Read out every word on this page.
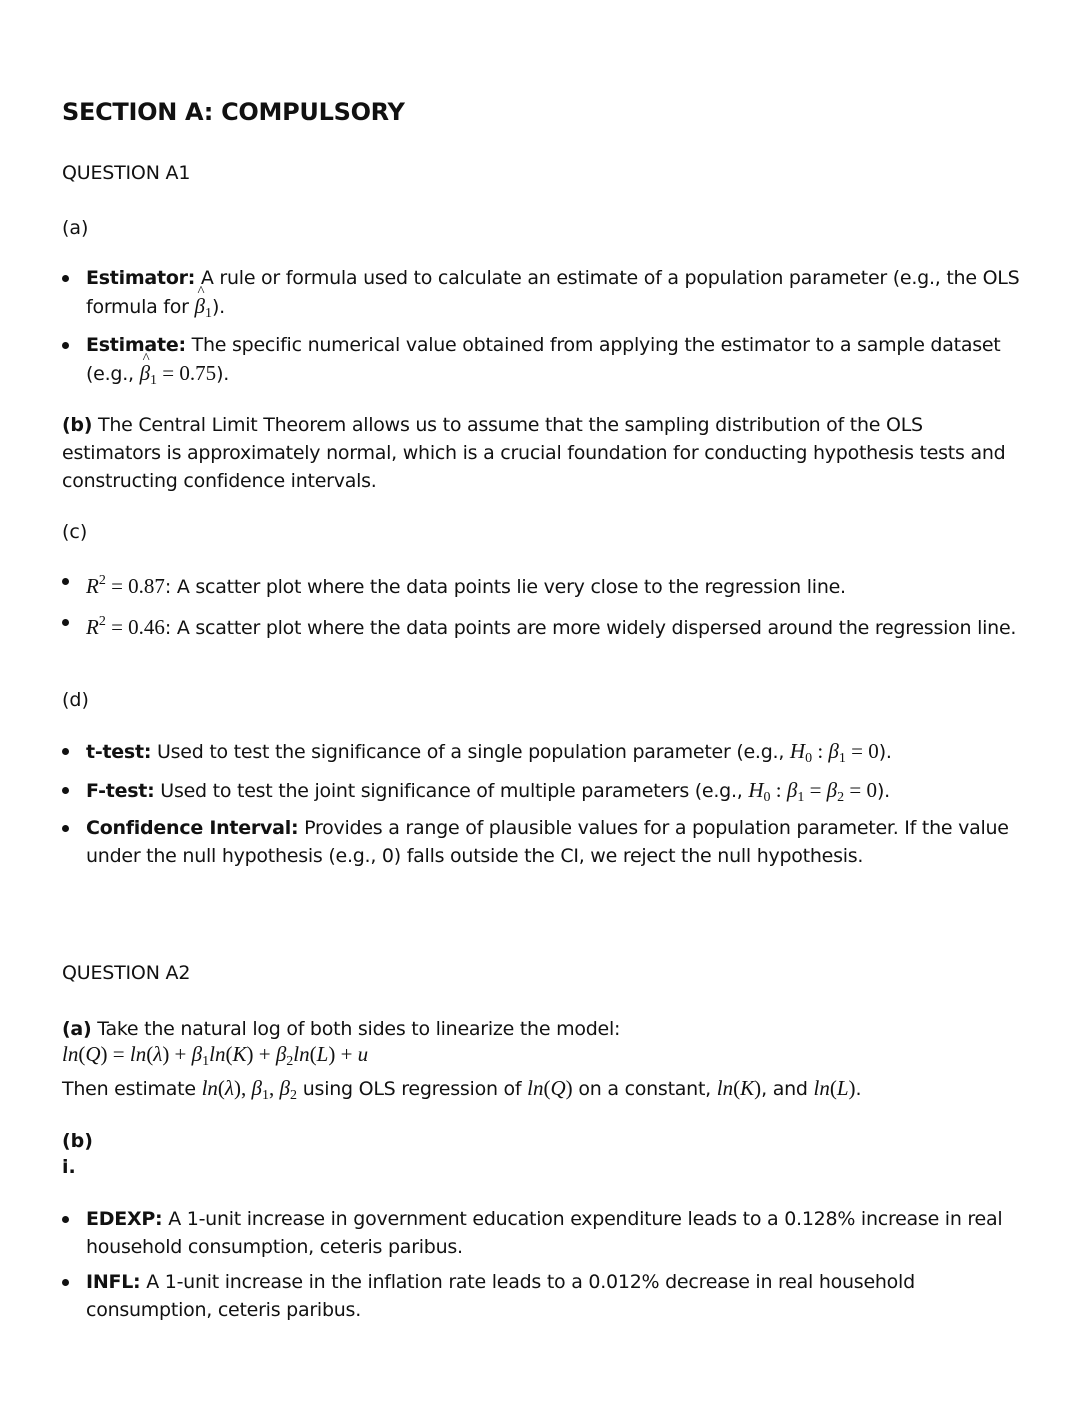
SECTION A: COMPULSORY
QUESTION A1
(a)
Estimator: A rule or formula used to calculate an estimate of a population parameter (e.g., the OLS formula for ^ $\beta_1$).
Estimate: The specific numerical value obtained from applying the estimator to a sample dataset (e.g., ^ $\beta_1 = 0.75$).
(b) The Central Limit Theorem allows us to assume that the sampling distribution of the OLS estimators is approximately normal, which is a crucial foundation for conducting hypothesis tests and constructing confidence intervals.
(c)
$R^2 = 0.87$: A scatter plot where the data points lie very close to the regression line.
$R^2 = 0.46$: A scatter plot where the data points are more widely dispersed around the regression line.
(d)
t-test: Used to test the significance of a single population parameter (e.g., $H_0$ : $\beta_1 = 0$).
F-test: Used to test the joint significance of multiple parameters (e.g., $H_0$ : $\beta_1 = \beta_2 = 0$).
Confidence Interval: Provides a range of plausible values for a population parameter. If the value under the null hypothesis (e.g., 0) falls outside the CI, we reject the null hypothesis.
QUESTION A2
(a) Take the natural log of both sides to linearize the model:
$\ln(Q) = \ln(\lambda) + \beta_1\ln(K) + \beta_2\ln(L) + u$
Then estimate ln(λ), $\beta_1$, $\beta_2$ using OLS regression of ln(Q) on a constant, ln(K), and ln(L).
(b)
i.
EDEXP: A 1-unit increase in government education expenditure leads to a 0.128% increase in real household consumption, ceteris paribus.
INFL: A 1-unit increase in the inflation rate leads to a 0.012% decrease in real household consumption, ceteris paribus.
